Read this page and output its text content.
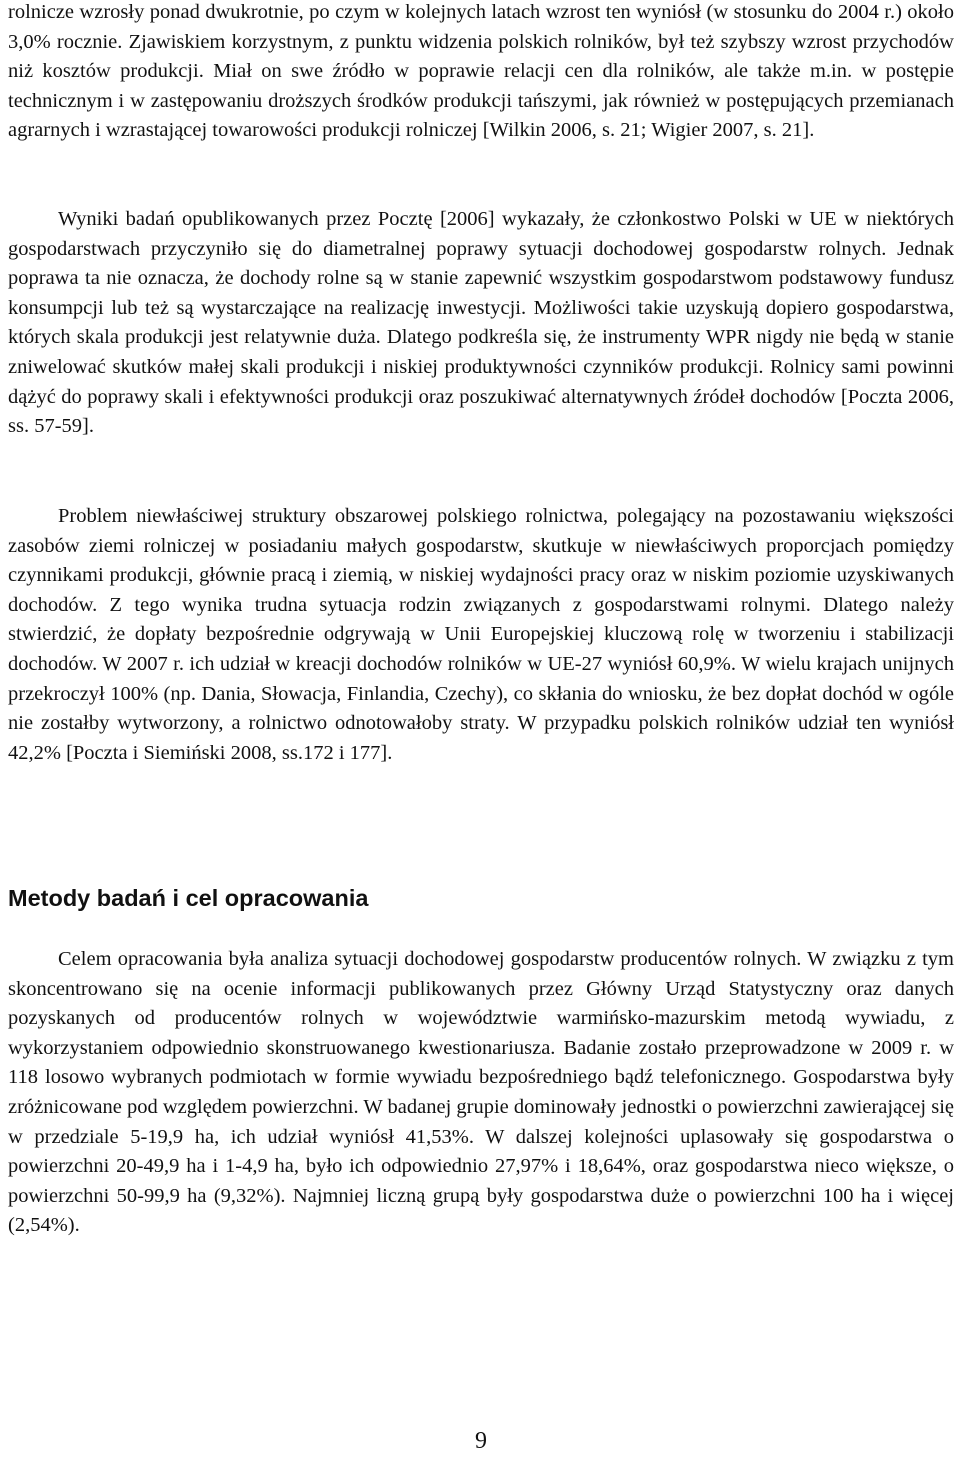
rolnicze wzrosły ponad dwukrotnie, po czym w kolejnych latach wzrost ten wyniósł (w stosunku do 2004 r.) około 3,0% rocznie. Zjawiskiem korzystnym, z punktu widzenia polskich rolników, był też szybszy wzrost przychodów niż kosztów produkcji. Miał on swe źródło w poprawie relacji cen dla rolników, ale także m.in. w postępie technicznym i w zastępowaniu droższych środków produkcji tańszymi, jak również w postępujących przemianach agrarnych i wzrastającej towarowości produkcji rolniczej [Wilkin 2006, s. 21; Wigier 2007, s. 21].

Wyniki badań opublikowanych przez Pocztę [2006] wykazały, że członkostwo Polski w UE w niektórych gospodarstwach przyczyniło się do diametralnej poprawy sytuacji dochodowej gospodarstw rolnych. Jednak poprawa ta nie oznacza, że dochody rolne są w stanie zapewnić wszystkim gospodarstwom podstawowy fundusz konsumpcji lub też są wystarczające na realizację inwestycji. Możliwości takie uzyskują dopiero gospodarstwa, których skala produkcji jest relatywnie duża. Dlatego podkreśla się, że instrumenty WPR nigdy nie będą w stanie zniwelować skutków małej skali produkcji i niskiej produktywności czynników produkcji. Rolnicy sami powinni dążyć do poprawy skali i efektywności produkcji oraz poszukiwać alternatywnych źródeł dochodów [Poczta 2006, ss. 57-59].

Problem niewłaściwej struktury obszarowej polskiego rolnictwa, polegający na pozostawaniu większości zasobów ziemi rolniczej w posiadaniu małych gospodarstw, skutkuje w niewłaściwych proporcjach pomiędzy czynnikami produkcji, głównie pracą i ziemią, w niskiej wydajności pracy oraz w niskim poziomie uzyskiwanych dochodów. Z tego wynika trudna sytuacja rodzin związanych z gospodarstwami rolnymi. Dlatego należy stwierdzić, że dopłaty bezpośrednie odgrywają w Unii Europejskiej kluczową rolę w tworzeniu i stabilizacji dochodów. W 2007 r. ich udział w kreacji dochodów rolników w UE-27 wyniósł 60,9%. W wielu krajach unijnych przekroczył 100% (np. Dania, Słowacja, Finlandia, Czechy), co skłania do wniosku, że bez dopłat dochód w ogóle nie zostałby wytworzony, a rolnictwo odnotowałoby straty. W przypadku polskich rolników udział ten wyniósł 42,2% [Poczta i Siemiński 2008, ss.172 i 177].

Metody badań i cel opracowania

Celem opracowania była analiza sytuacji dochodowej gospodarstw producentów rolnych. W związku z tym skoncentrowano się na ocenie informacji publikowanych przez Główny Urząd Statystyczny oraz danych pozyskanych od producentów rolnych w województwie warmińsko-mazurskim metodą wywiadu, z wykorzystaniem odpowiednio skonstruowanego kwestionariusza. Badanie zostało przeprowadzone w 2009 r. w 118 losowo wybranych podmiotach w formie wywiadu bezpośredniego bądź telefonicznego. Gospodarstwa były zróżnicowane pod względem powierzchni. W badanej grupie dominowały jednostki o powierzchni zawierającej się w przedziale 5-19,9 ha, ich udział wyniósł 41,53%. W dalszej kolejności uplasowały się gospodarstwa o powierzchni 20-49,9 ha i 1-4,9 ha, było ich odpowiednio 27,97% i 18,64%, oraz gospodarstwa nieco większe, o powierzchni 50-99,9 ha (9,32%). Najmniej liczną grupą były gospodarstwa duże o powierzchni 100 ha i więcej (2,54%).

9
